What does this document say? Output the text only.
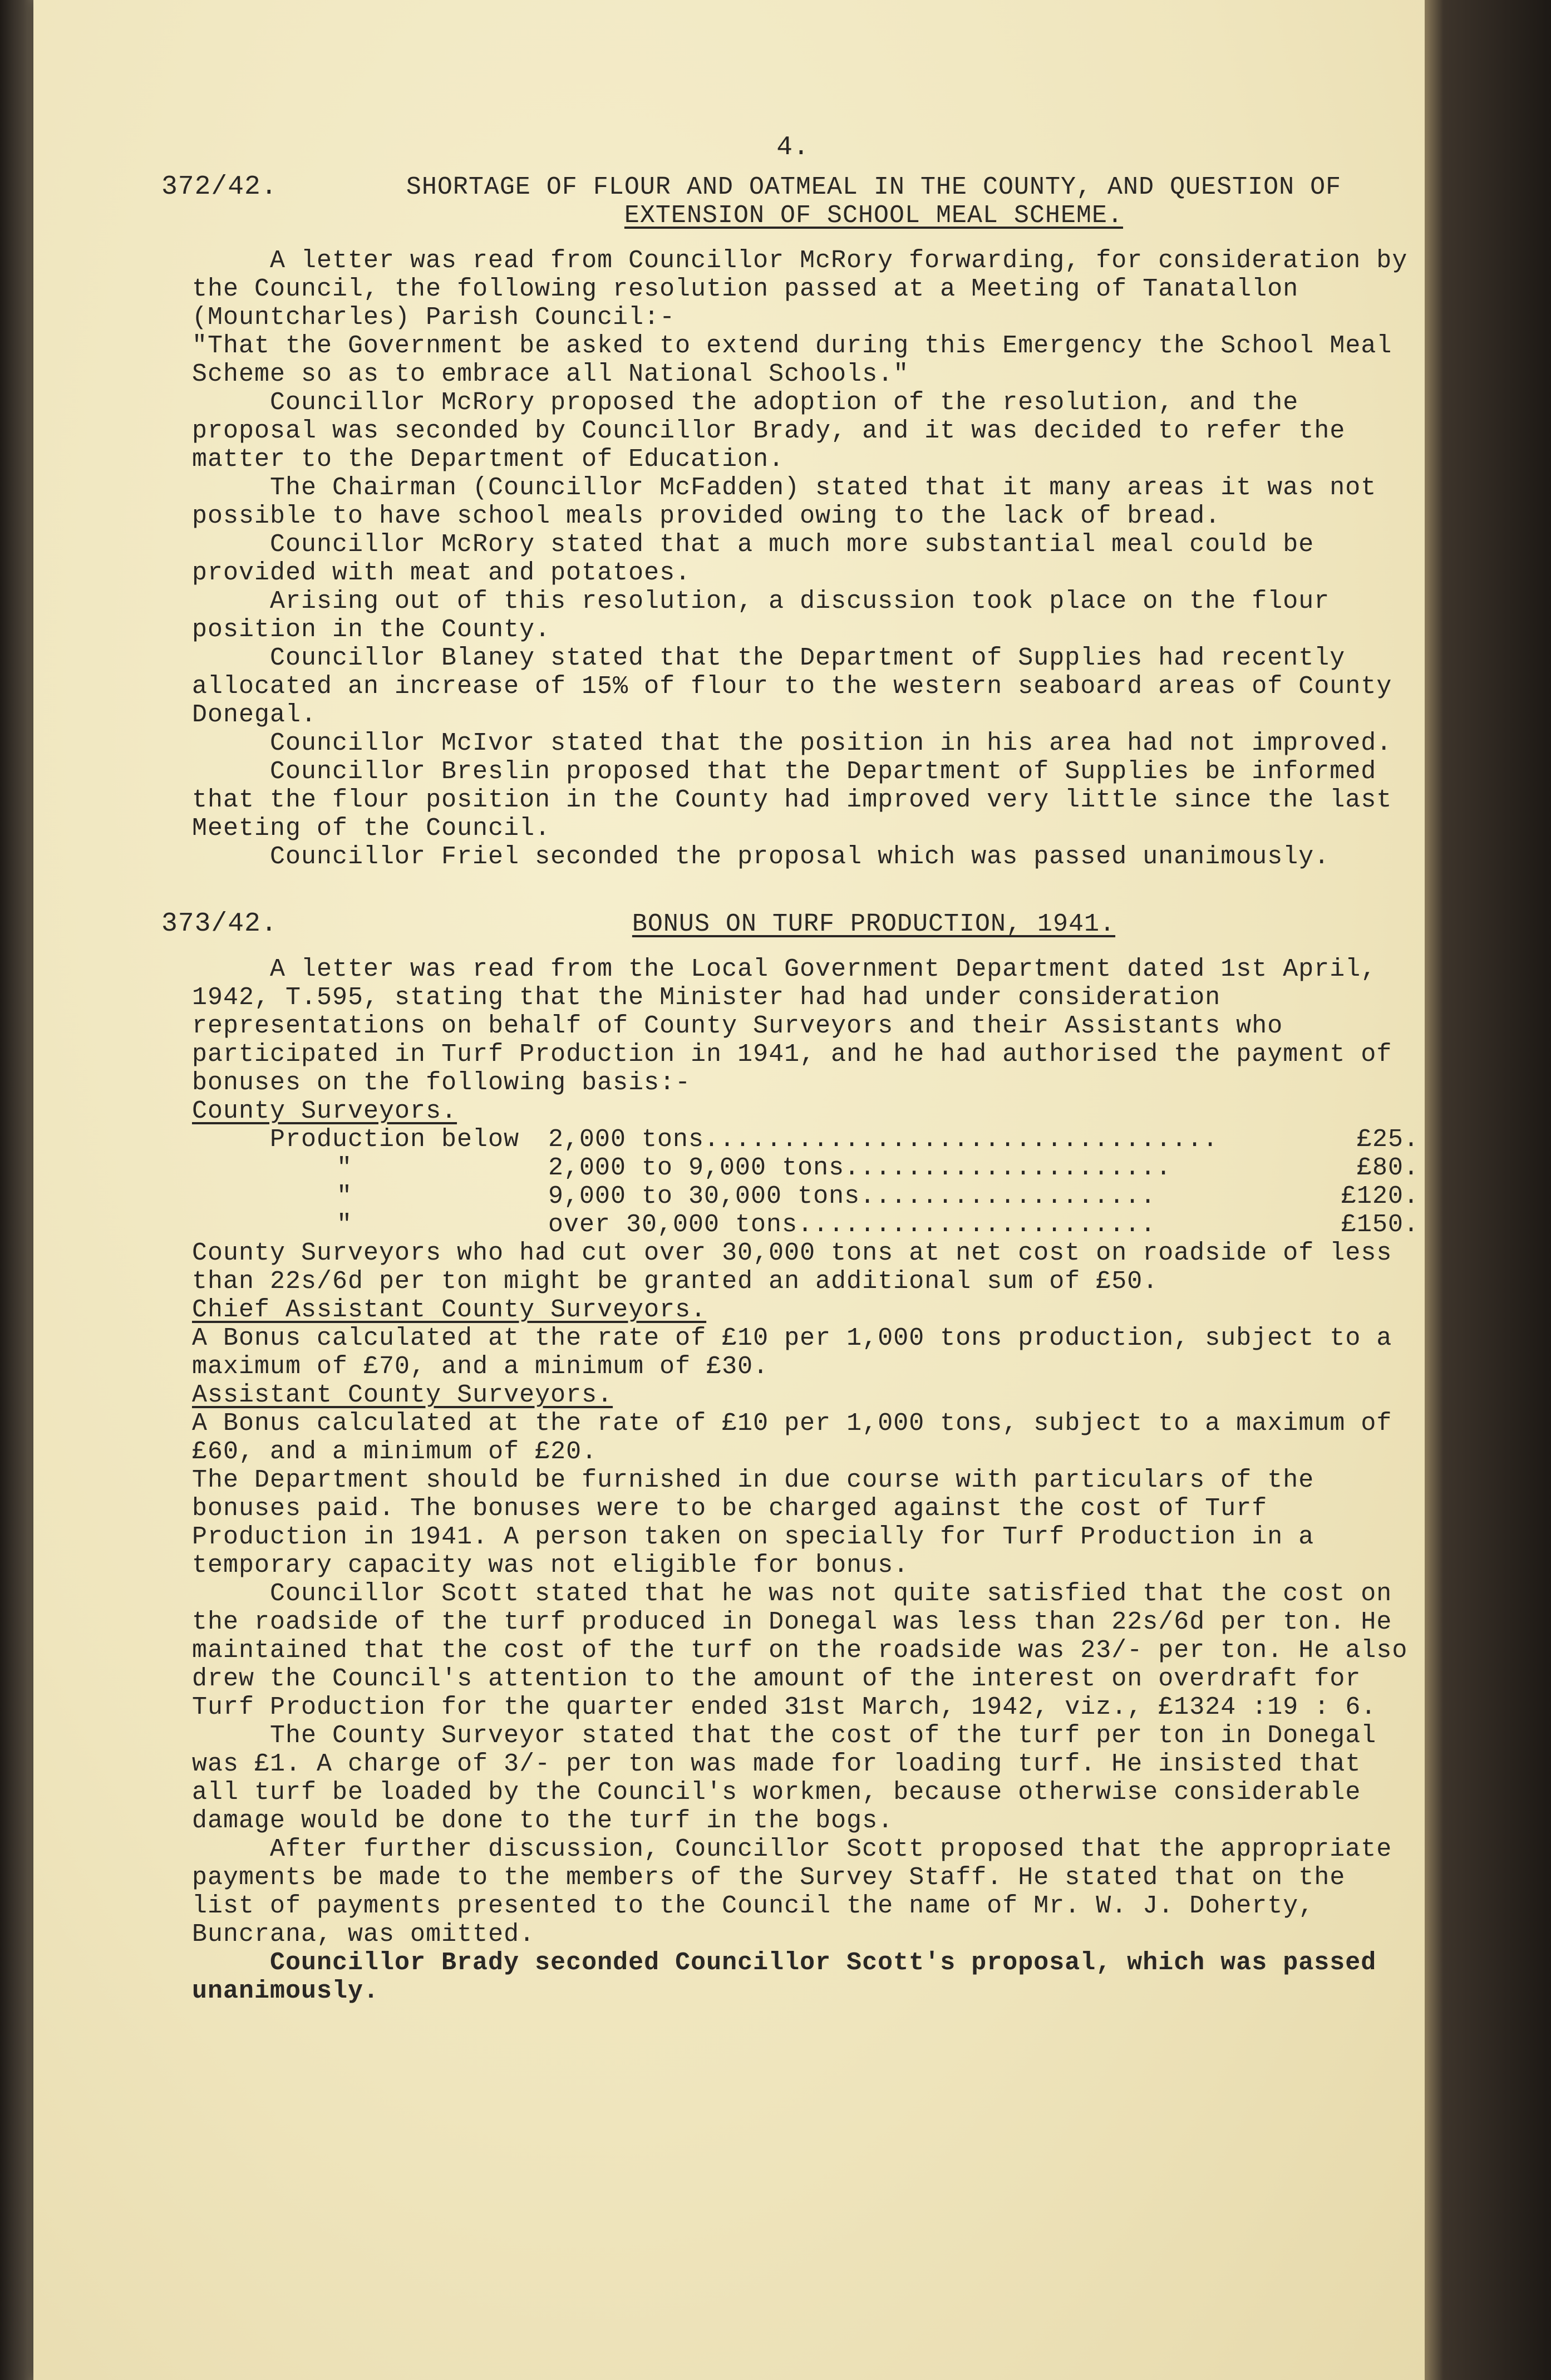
4.
372/42.	SHORTAGE OF FLOUR AND OATMEAL IN THE COUNTY, AND QUESTION OF
EXTENSION OF SCHOOL MEAL SCHEME.

A letter was read from Councillor McRory forwarding, for consideration by the Council, the following resolution passed at a Meeting of Tanatallon (Mountcharles) Parish Council:-

"That the Government be asked to extend during this Emergency the School Meal Scheme so as to embrace all National Schools."

Councillor McRory proposed the adoption of the resolution, and the proposal was seconded by Councillor Brady, and it was decided to refer the matter to the Department of Education.

The Chairman (Councillor McFadden) stated that it many areas it was not possible to have school meals provided owing to the lack of bread.

Councillor McRory stated that a much more substantial meal could be provided with meat and potatoes.

Arising out of this resolution, a discussion took place on the flour position in the County.

Councillor Blaney stated that the Department of Supplies had recently allocated an increase of 15% of flour to the western seaboard areas of County Donegal.

Councillor McIvor stated that the position in his area had not improved.

Councillor Breslin proposed that the Department of Supplies be informed that the flour position in the County had improved very little since the last Meeting of the Council.

Councillor Friel seconded the proposal which was passed unanimously.

373/42.	BONUS ON TURF PRODUCTION, 1941.

A letter was read from the Local Government Department dated 1st April, 1942, T.595, stating that the Minister had had under consideration representations on behalf of County Surveyors and their Assistants who participated in Turf Production in 1941, and he had authorised the payment of bonuses on the following basis:-

County Surveyors.

Production below	2,000 tons.................................	£25.
"	2,000 to 9,000 tons.....................	£80.
"	9,000 to 30,000 tons...................	£120.
"	over 30,000 tons.......................	£150.

County Surveyors who had cut over 30,000 tons at net cost on roadside of less than 22s/6d per ton might be granted an additional sum of £50.

Chief Assistant County Surveyors.

A Bonus calculated at the rate of £10 per 1,000 tons production, subject to a maximum of £70, and a minimum of £30.

Assistant County Surveyors.

A Bonus calculated at the rate of £10 per 1,000 tons, subject to a maximum of £60, and a minimum of £20.

The Department should be furnished in due course with particulars of the bonuses paid. The bonuses were to be charged against the cost of Turf Production in 1941. A person taken on specially for Turf Production in a temporary capacity was not eligible for bonus.

Councillor Scott stated that he was not quite satisfied that the cost on the roadside of the turf produced in Donegal was less than 22s/6d per ton. He maintained that the cost of the turf on the roadside was 23/- per ton. He also drew the Council's attention to the amount of the interest on overdraft for Turf Production for the quarter ended 31st March, 1942, viz., £1324 :19 : 6.

The County Surveyor stated that the cost of the turf per ton in Donegal was £1. A charge of 3/- per ton was made for loading turf. He insisted that all turf be loaded by the Council's workmen, because otherwise considerable damage would be done to the turf in the bogs.

After further discussion, Councillor Scott proposed that the appropriate payments be made to the members of the Survey Staff. He stated that on the list of payments presented to the Council the name of Mr. W. J. Doherty, Buncrana, was omitted.

Councillor Brady seconded Councillor Scott's proposal, which was passed unanimously.
